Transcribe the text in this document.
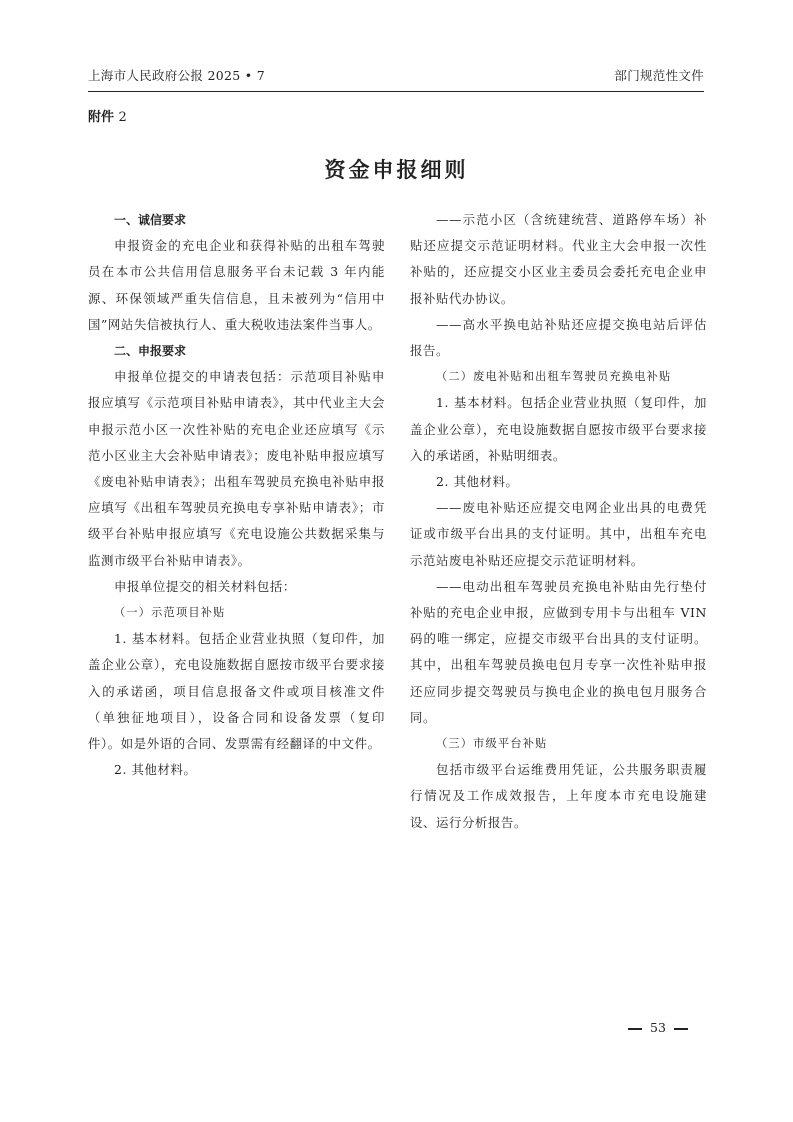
上海市人民政府公报 2025 • 7	部门规范性文件
附件 2
资金申报细则

一、诚信要求

申报资金的充电企业和获得补贴的出租车驾驶员在本市公共信用信息服务平台未记载 3 年内能源、环保领域严重失信信息，且未被列为“信用中国”网站失信被执行人、重大税收违法案件当事人。

二、申报要求

申报单位提交的申请表包括：示范项目补贴申报应填写《示范项目补贴申请表》，其中代业主大会申报示范小区一次性补贴的充电企业还应填写《示范小区业主大会补贴申请表》；废电补贴申报应填写《废电补贴申请表》；出租车驾驶员充换电补贴申报应填写《出租车驾驶员充换电专享补贴申请表》；市级平台补贴申报应填写《充电设施公共数据采集与监测市级平台补贴申请表》。

申报单位提交的相关材料包括：

（一）示范项目补贴

1. 基本材料。包括企业营业执照（复印件，加盖企业公章），充电设施数据自愿按市级平台要求接入的承诺函，项目信息报备文件或项目核准文件（单独征地项目），设备合同和设备发票（复印件）。如是外语的合同、发票需有经翻译的中文件。

2. 其他材料。

——示范小区（含统建统营、道路停车场）补贴还应提交示范证明材料。代业主大会申报一次性补贴的，还应提交小区业主委员会委托充电企业申报补贴代办协议。

——高水平换电站补贴还应提交换电站后评估报告。

（二）废电补贴和出租车驾驶员充换电补贴

1. 基本材料。包括企业营业执照（复印件，加盖企业公章），充电设施数据自愿按市级平台要求接入的承诺函，补贴明细表。

2. 其他材料。

——废电补贴还应提交电网企业出具的电费凭证或市级平台出具的支付证明。其中，出租车充电示范站废电补贴还应提交示范证明材料。

——电动出租车驾驶员充换电补贴由先行垫付补贴的充电企业申报，应做到专用卡与出租车 VIN 码的唯一绑定，应提交市级平台出具的支付证明。其中，出租车驾驶员换电包月专享一次性补贴申报还应同步提交驾驶员与换电企业的换电包月服务合同。

（三）市级平台补贴

包括市级平台运维费用凭证，公共服务职责履行情况及工作成效报告，上年度本市充电设施建设、运行分析报告。

53
